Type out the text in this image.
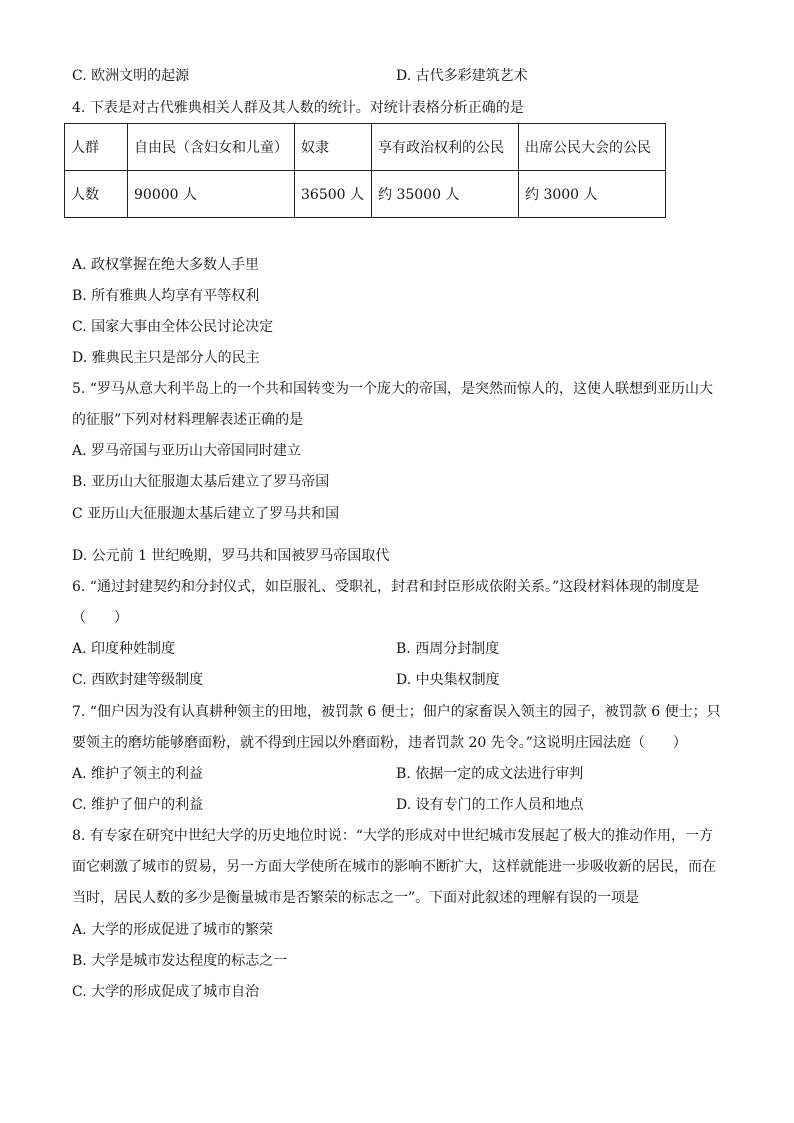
C. 欧洲文明的起源	D. 古代多彩建筑艺术
4. 下表是对古代雅典相关人群及其人数的统计。对统计表格分析正确的是
人群	自由民（含妇女和儿童）	奴隶	享有政治权利的公民	出席公民大会的公民
人数	90000 人	36500 人	约 35000 人	约 3000 人
A. 政权掌握在绝大多数人手里
B. 所有雅典人均享有平等权利
C. 国家大事由全体公民讨论决定
D. 雅典民主只是部分人的民主
5. “罗马从意大利半岛上的一个共和国转变为一个庞大的帝国，是突然而惊人的，这使人联想到亚历山大
的征服”下列对材料理解表述正确的是
A. 罗马帝国与亚历山大帝国同时建立
B. 亚历山大征服迦太基后建立了罗马帝国
C 亚历山大征服迦太基后建立了罗马共和国
D. 公元前 1 世纪晚期，罗马共和国被罗马帝国取代
6. “通过封建契约和分封仪式，如臣服礼、受职礼，封君和封臣形成依附关系。”这段材料体现的制度是
（　　）
A. 印度种姓制度	B. 西周分封制度
C. 西欧封建等级制度	D. 中央集权制度
7. “佃户因为没有认真耕种领主的田地，被罚款 6 便士；佃户的家畜误入领主的园子，被罚款 6 便士；只
要领主的磨坊能够磨面粉，就不得到庄园以外磨面粉，违者罚款 20 先令。”这说明庄园法庭（　　）
A. 维护了领主的利益	B. 依据一定的成文法进行审判
C. 维护了佃户的利益	D. 设有专门的工作人员和地点
8. 有专家在研究中世纪大学的历史地位时说：“大学的形成对中世纪城市发展起了极大的推动作用，一方
面它刺激了城市的贸易，另一方面大学使所在城市的影响不断扩大，这样就能进一步吸收新的居民，而在
当时，居民人数的多少是衡量城市是否繁荣的标志之一”。下面对此叙述的理解有误的一项是
A. 大学的形成促进了城市的繁荣
B. 大学是城市发达程度的标志之一
C. 大学的形成促成了城市自治
